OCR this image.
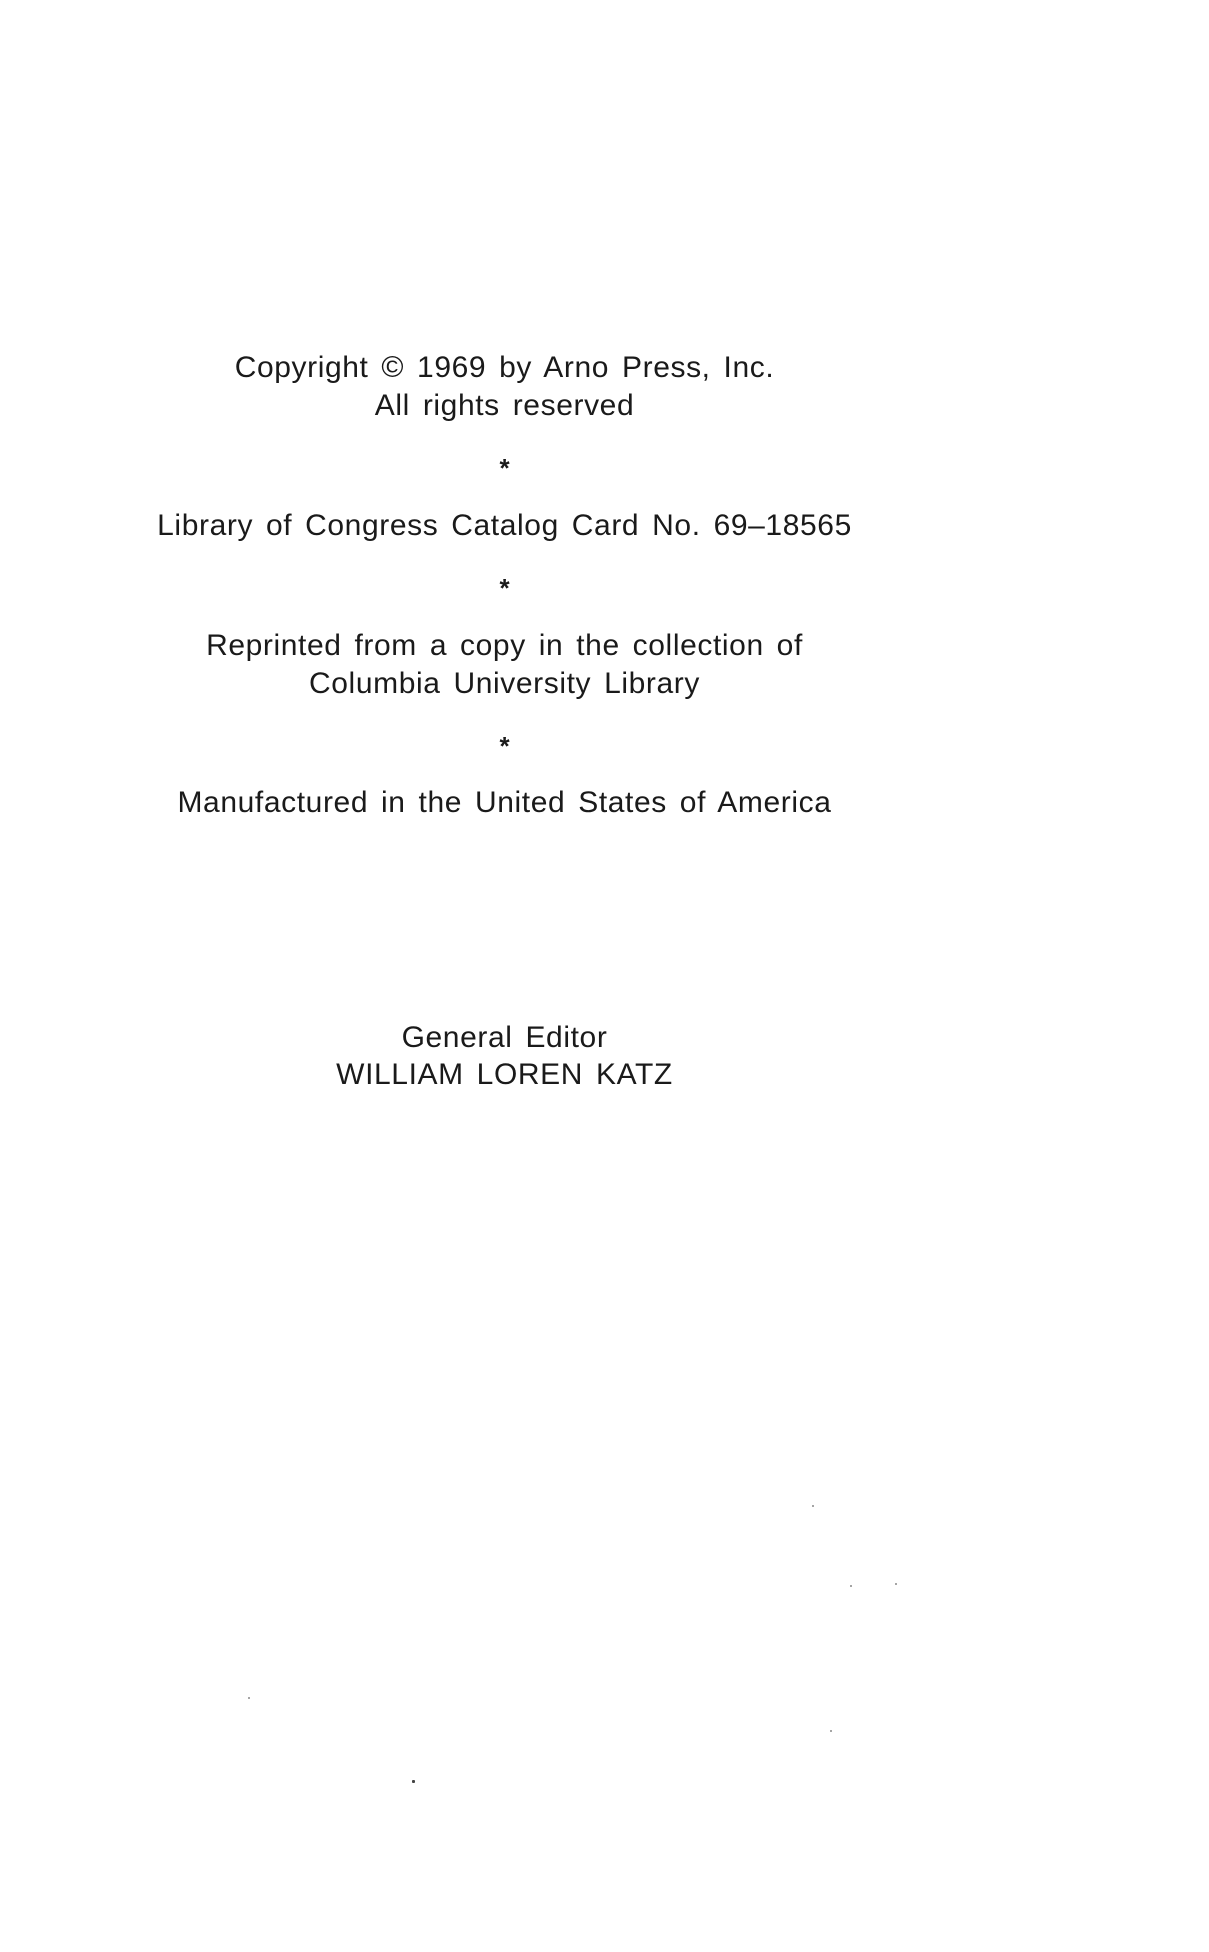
Copyright © 1969 by Arno Press, Inc.
All rights reserved
*
Library of Congress Catalog Card No. 69–18565
*
Reprinted from a copy in the collection of
Columbia University Library
*
Manufactured in the United States of America
General Editor
WILLIAM LOREN KATZ
